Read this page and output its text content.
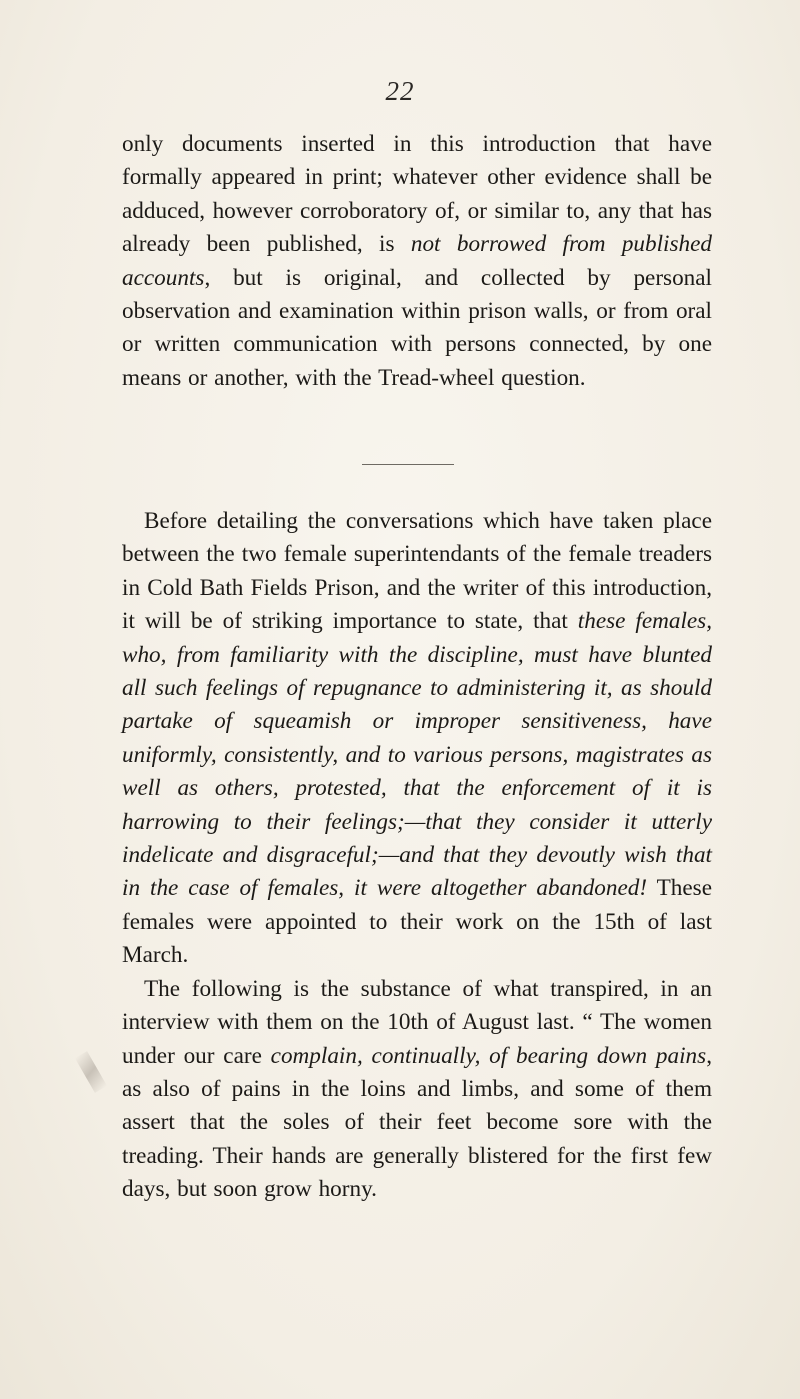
22

only documents inserted in this introduction that have formally appeared in print; whatever other evidence shall be adduced, however corroboratory of, or similar to, any that has already been published, is not borrowed from published accounts, but is original, and collected by personal observation and examination within prison walls, or from oral or written communication with persons connected, by one means or another, with the Tread-wheel question.

Before detailing the conversations which have taken place between the two female superintendants of the female treaders in Cold Bath Fields Prison, and the writer of this introduction, it will be of striking importance to state, that these females, who, from familiarity with the discipline, must have blunted all such feelings of repugnance to administering it, as should partake of squeamish or improper sensitiveness, have uniformly, consistently, and to various persons, magistrates as well as others, protested, that the enforcement of it is harrowing to their feelings;—that they consider it utterly indelicate and disgraceful;—and that they devoutly wish that in the case of females, it were altogether abandoned! These females were appointed to their work on the 15th of last March.

The following is the substance of what transpired, in an interview with them on the 10th of August last. “ The women under our care complain, continually, of bearing down pains, as also of pains in the loins and limbs, and some of them assert that the soles of their feet become sore with the treading. Their hands are generally blistered for the first few days, but soon grow horny.
